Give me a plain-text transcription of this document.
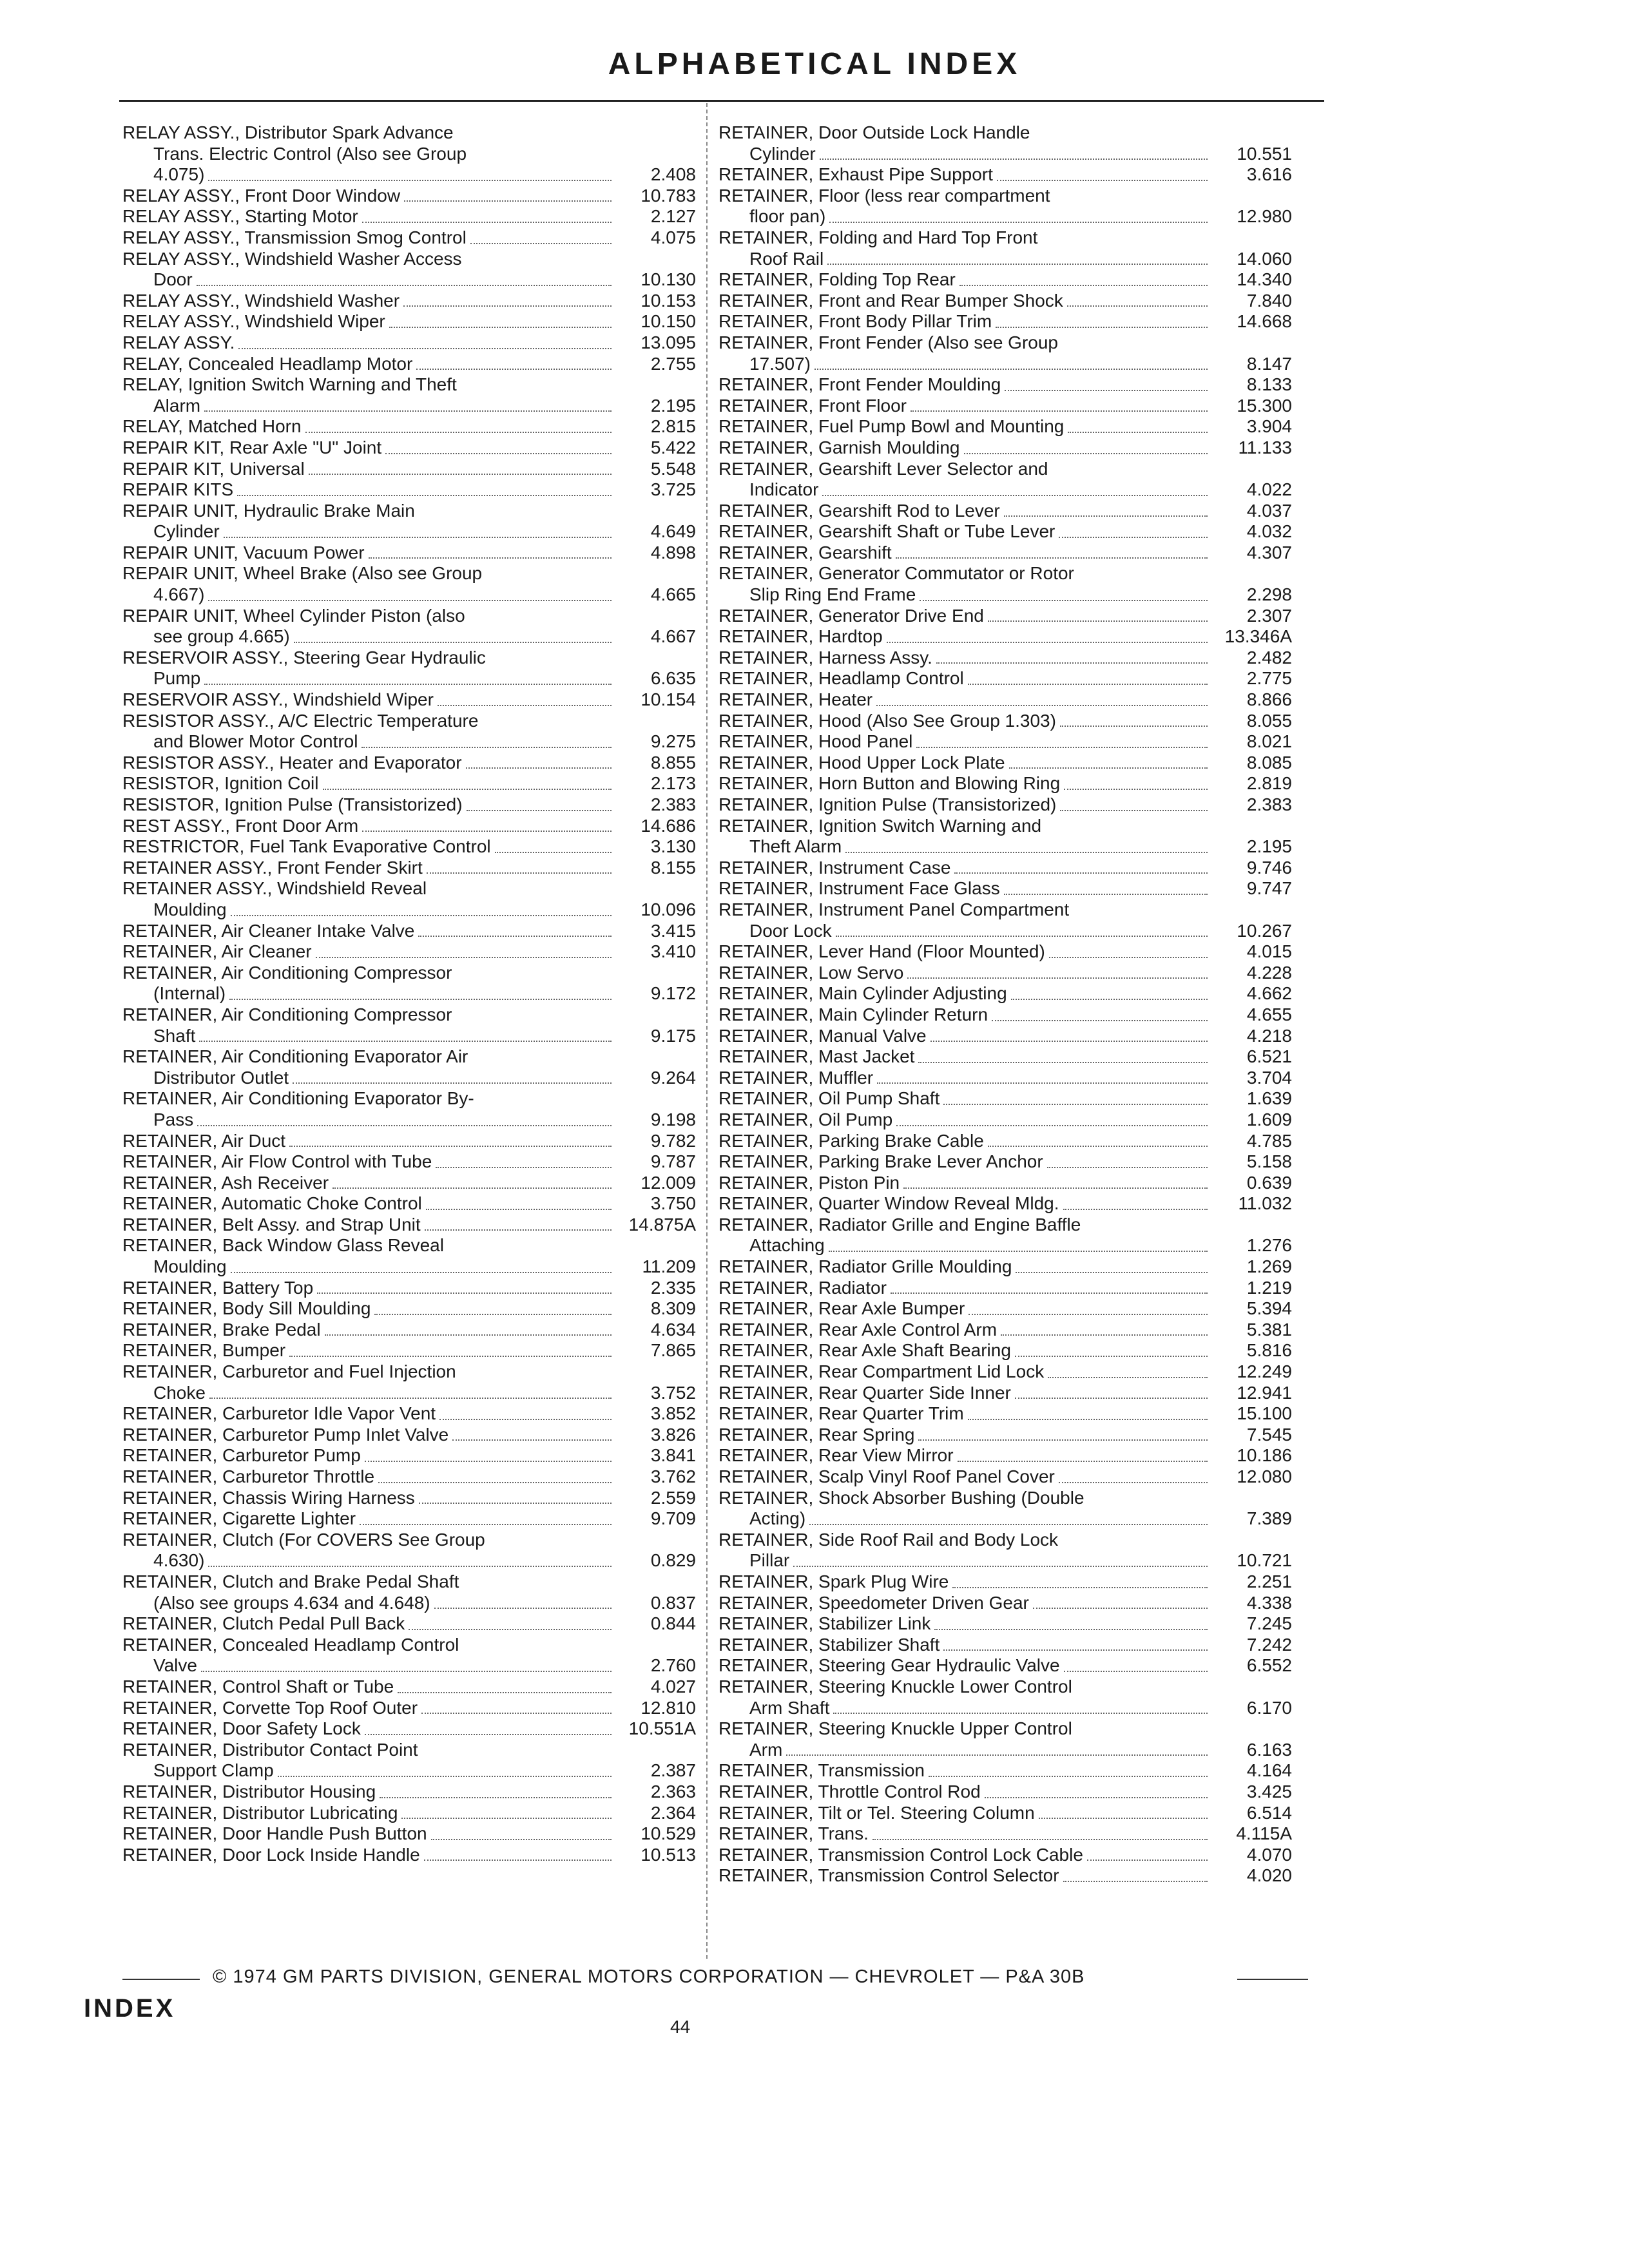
ALPHABETICAL INDEX
RELAY ASSY., Distributor Spark Advance
Trans. Electric Control (Also see Group
4.075)	2.408
RELAY ASSY., Front Door Window	10.783
RELAY ASSY., Starting Motor	2.127
RELAY ASSY., Transmission Smog Control	4.075
RELAY ASSY., Windshield Washer Access
Door	10.130
RELAY ASSY., Windshield Washer	10.153
RELAY ASSY., Windshield Wiper	10.150
RELAY ASSY.	13.095
RELAY, Concealed Headlamp Motor	2.755
RELAY, Ignition Switch Warning and Theft
Alarm	2.195
RELAY, Matched Horn	2.815
REPAIR KIT, Rear Axle "U" Joint	5.422
REPAIR KIT, Universal	5.548
REPAIR KITS	3.725
REPAIR UNIT, Hydraulic Brake Main
Cylinder	4.649
REPAIR UNIT, Vacuum Power	4.898
REPAIR UNIT, Wheel Brake (Also see Group
4.667)	4.665
REPAIR UNIT, Wheel Cylinder Piston (also
see group 4.665)	4.667
RESERVOIR ASSY., Steering Gear Hydraulic
Pump	6.635
RESERVOIR ASSY., Windshield Wiper	10.154
RESISTOR ASSY., A/C Electric Temperature
and Blower Motor Control	9.275
RESISTOR ASSY., Heater and Evaporator	8.855
RESISTOR, Ignition Coil	2.173
RESISTOR, Ignition Pulse (Transistorized)	2.383
REST ASSY., Front Door Arm	14.686
RESTRICTOR, Fuel Tank Evaporative Control	3.130
RETAINER ASSY., Front Fender Skirt	8.155
RETAINER ASSY., Windshield Reveal
Moulding	10.096
RETAINER, Air Cleaner Intake Valve	3.415
RETAINER, Air Cleaner	3.410
RETAINER, Air Conditioning Compressor
(Internal)	9.172
RETAINER, Air Conditioning Compressor
Shaft	9.175
RETAINER, Air Conditioning Evaporator Air
Distributor Outlet	9.264
RETAINER, Air Conditioning Evaporator By-
Pass	9.198
RETAINER, Air Duct	9.782
RETAINER, Air Flow Control with Tube	9.787
RETAINER, Ash Receiver	12.009
RETAINER, Automatic Choke Control	3.750
RETAINER, Belt Assy. and Strap Unit	14.875A
RETAINER, Back Window Glass Reveal
Moulding	11.209
RETAINER, Battery Top	2.335
RETAINER, Body Sill Moulding	8.309
RETAINER, Brake Pedal	4.634
RETAINER, Bumper	7.865
RETAINER, Carburetor and Fuel Injection
Choke	3.752
RETAINER, Carburetor Idle Vapor Vent	3.852
RETAINER, Carburetor Pump Inlet Valve	3.826
RETAINER, Carburetor Pump	3.841
RETAINER, Carburetor Throttle	3.762
RETAINER, Chassis Wiring Harness	2.559
RETAINER, Cigarette Lighter	9.709
RETAINER, Clutch (For COVERS See Group
4.630)	0.829
RETAINER, Clutch and Brake Pedal Shaft
(Also see groups 4.634 and 4.648)	0.837
RETAINER, Clutch Pedal Pull Back	0.844
RETAINER, Concealed Headlamp Control
Valve	2.760
RETAINER, Control Shaft or Tube	4.027
RETAINER, Corvette Top Roof Outer	12.810
RETAINER, Door Safety Lock	10.551A
RETAINER, Distributor Contact Point
Support Clamp	2.387
RETAINER, Distributor Housing	2.363
RETAINER, Distributor Lubricating	2.364
RETAINER, Door Handle Push Button	10.529
RETAINER, Door Lock Inside Handle	10.513
RETAINER, Door Outside Lock Handle
Cylinder	10.551
RETAINER, Exhaust Pipe Support	3.616
RETAINER, Floor (less rear compartment
floor pan)	12.980
RETAINER, Folding and Hard Top Front
Roof Rail	14.060
RETAINER, Folding Top Rear	14.340
RETAINER, Front and Rear Bumper Shock	7.840
RETAINER, Front Body Pillar Trim	14.668
RETAINER, Front Fender (Also see Group
17.507)	8.147
RETAINER, Front Fender Moulding	8.133
RETAINER, Front Floor	15.300
RETAINER, Fuel Pump Bowl and Mounting	3.904
RETAINER, Garnish Moulding	11.133
RETAINER, Gearshift Lever Selector and
Indicator	4.022
RETAINER, Gearshift Rod to Lever	4.037
RETAINER, Gearshift Shaft or Tube Lever	4.032
RETAINER, Gearshift	4.307
RETAINER, Generator Commutator or Rotor
Slip Ring End Frame	2.298
RETAINER, Generator Drive End	2.307
RETAINER, Hardtop	13.346A
RETAINER, Harness Assy.	2.482
RETAINER, Headlamp Control	2.775
RETAINER, Heater	8.866
RETAINER, Hood (Also See Group 1.303)	8.055
RETAINER, Hood Panel	8.021
RETAINER, Hood Upper Lock Plate	8.085
RETAINER, Horn Button and Blowing Ring	2.819
RETAINER, Ignition Pulse (Transistorized)	2.383
RETAINER, Ignition Switch Warning and
Theft Alarm	2.195
RETAINER, Instrument Case	9.746
RETAINER, Instrument Face Glass	9.747
RETAINER, Instrument Panel Compartment
Door Lock	10.267
RETAINER, Lever Hand (Floor Mounted)	4.015
RETAINER, Low Servo	4.228
RETAINER, Main Cylinder Adjusting	4.662
RETAINER, Main Cylinder Return	4.655
RETAINER, Manual Valve	4.218
RETAINER, Mast Jacket	6.521
RETAINER, Muffler	3.704
RETAINER, Oil Pump Shaft	1.639
RETAINER, Oil Pump	1.609
RETAINER, Parking Brake Cable	4.785
RETAINER, Parking Brake Lever Anchor	5.158
RETAINER, Piston Pin	0.639
RETAINER, Quarter Window Reveal Mldg.	11.032
RETAINER, Radiator Grille and Engine Baffle
Attaching	1.276
RETAINER, Radiator Grille Moulding	1.269
RETAINER, Radiator	1.219
RETAINER, Rear Axle Bumper	5.394
RETAINER, Rear Axle Control Arm	5.381
RETAINER, Rear Axle Shaft Bearing	5.816
RETAINER, Rear Compartment Lid Lock	12.249
RETAINER, Rear Quarter Side Inner	12.941
RETAINER, Rear Quarter Trim	15.100
RETAINER, Rear Spring	7.545
RETAINER, Rear View Mirror	10.186
RETAINER, Scalp Vinyl Roof Panel Cover	12.080
RETAINER, Shock Absorber Bushing (Double
Acting)	7.389
RETAINER, Side Roof Rail and Body Lock
Pillar	10.721
RETAINER, Spark Plug Wire	2.251
RETAINER, Speedometer Driven Gear	4.338
RETAINER, Stabilizer Link	7.245
RETAINER, Stabilizer Shaft	7.242
RETAINER, Steering Gear Hydraulic Valve	6.552
RETAINER, Steering Knuckle Lower Control
Arm Shaft	6.170
RETAINER, Steering Knuckle Upper Control
Arm	6.163
RETAINER, Transmission	4.164
RETAINER, Throttle Control Rod	3.425
RETAINER, Tilt or Tel. Steering Column	6.514
RETAINER, Trans.	4.115A
RETAINER, Transmission Control Lock Cable	4.070
RETAINER, Transmission Control Selector	4.020
© 1974 GM PARTS DIVISION, GENERAL MOTORS CORPORATION — CHEVROLET — P&A 30B
INDEX
44
